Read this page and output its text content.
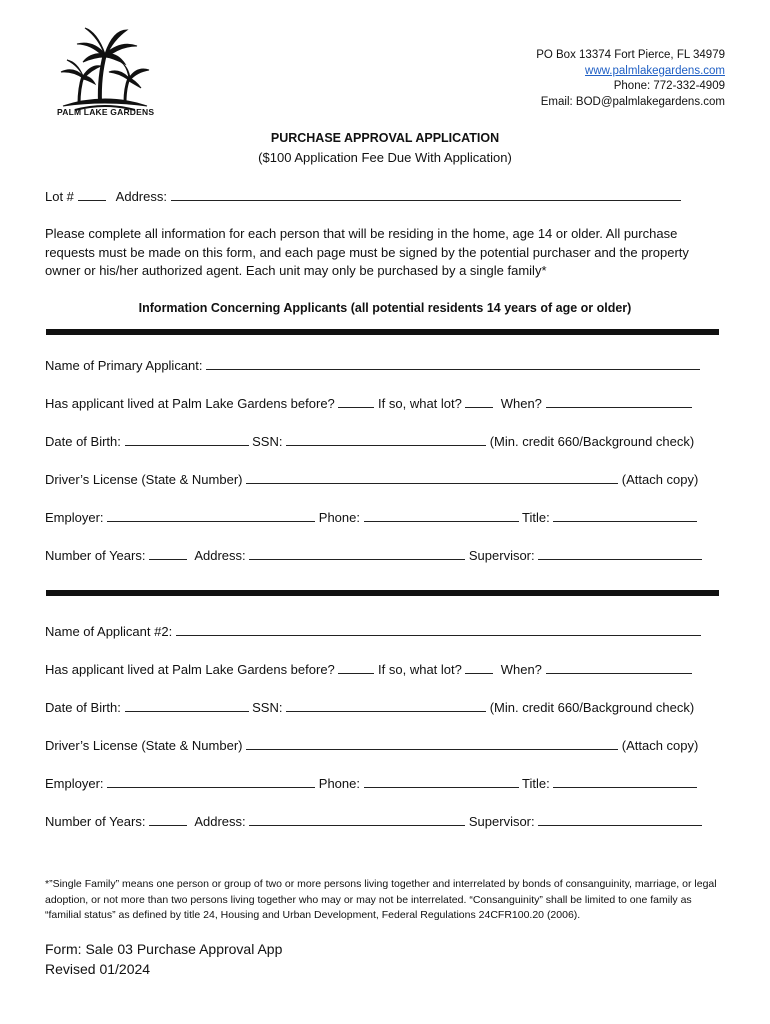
PALM LAKE GARDENS
PO Box 13374 Fort Pierce, FL 34979
www.palmlakegardens.com
Phone: 772-332-4909
Email: BOD@palmlakegardens.com
PURCHASE APPROVAL APPLICATION
($100 Application Fee Due With Application)
Lot #	Address:
Please complete all information for each person that will be residing in the home, age 14 or older. All purchase requests must be made on this form, and each page must be signed by the potential purchaser and the property owner or his/her authorized agent. Each unit may only be purchased by a single family*
Information Concerning Applicants (all potential residents 14 years of age or older)
Name of Primary Applicant:
Has applicant lived at Palm Lake Gardens before?	If so, what lot?	When?
Date of Birth:	SSN:	(Min. credit 660/Background check)
Driver’s License (State & Number)	(Attach copy)
Employer:	Phone:	Title:
Number of Years:	Address:	Supervisor:
Name of Applicant #2:
Has applicant lived at Palm Lake Gardens before?	If so, what lot?	When?
Date of Birth:	SSN:	(Min. credit 660/Background check)
Driver’s License (State & Number)	(Attach copy)
Employer:	Phone:	Title:
Number of Years:	Address:	Supervisor:
*”Single Family” means one person or group of two or more persons living together and interrelated by bonds of consanguinity, marriage, or legal adoption, or not more than two persons living together who may or may not be interrelated. “Consanguinity” shall be limited to one family as “familial status” as defined by title 24, Housing and Urban Development, Federal Regulations 24CFR100.20 (2006).
Form: Sale 03 Purchase Approval App
Revised 01/2024
